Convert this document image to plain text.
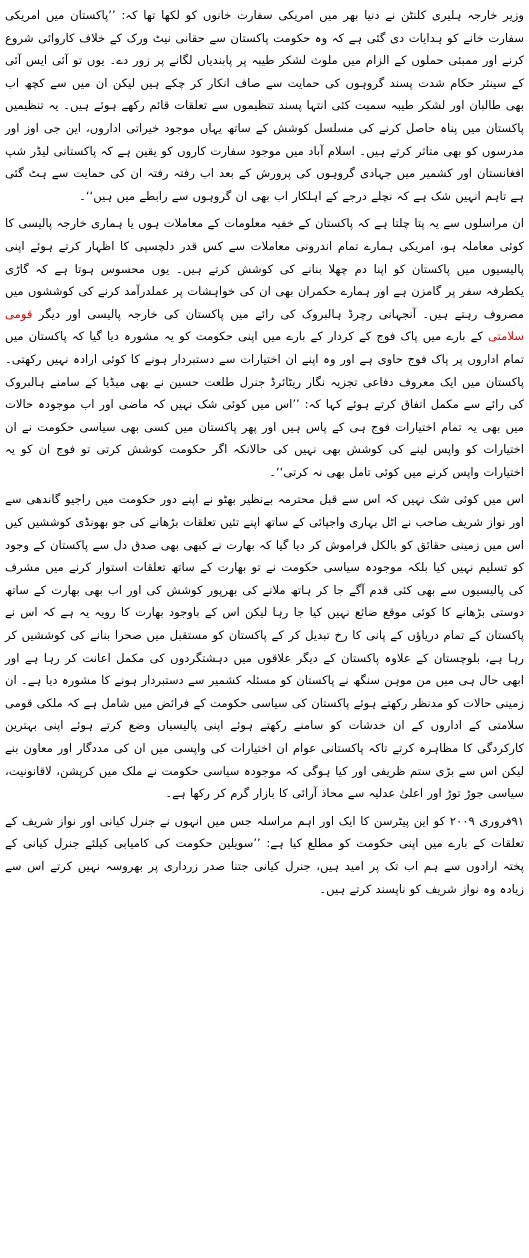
وزیر خارجہ ہلیری کلنٹن نے دنیا بھر میں امریکی سفارت خانوں کو لکھا تھا کہ: ’’پاکستان میں امریکی سفارت خانے کو ہدایات دی گئی ہے کہ وہ حکومت پاکستان سے حقانی نیٹ ورک کے خلاف کاروائی شروع کرنے اور ممبئی حملوں کے الزام میں ملوث لشکر طیبہ پر پابندیاں لگانے پر زور دے۔ یوں تو آئی ایس آئی کے سینئر حکام شدت پسند گروہوں کی حمایت سے صاف انکار کر چکے ہیں لیکن ان میں سے کچھ اب بھی طالبان اور لشکر طیبہ سمیت کئی انتہا پسند تنظیموں سے تعلقات قائم رکھے ہوئے ہیں۔ یہ تنظیمیں پاکستان میں پناہ حاصل کرنے کی مسلسل کوشش کے ساتھ یہاں موجود خیراتی اداروں، این جی اوز اور مدرسوں کو بھی متاثر کرتے ہیں۔ اسلام آباد میں موجود سفارت کاروں کو یقین ہے کہ پاکستانی لیڈر شپ افغانستان اور کشمیر میں جہادی گروہوں کی پرورش کے بعد اب رفتہ رفتہ ان کی حمایت سے ہٹ گئی ہے تاہم انہیں شک ہے کہ نچلے درجے کے اہلکار اب بھی ان گروہوں سے رابطے میں ہیں‘‘۔

ان مراسلوں سے یہ پتا چلتا ہے کہ پاکستان کے خفیہ معلومات کے معاملات ہوں یا ہماری خارجہ پالیسی کا کوئی معاملہ ہو، امریکی ہمارے تمام اندرونی معاملات سے کس قدر دلچسپی کا اظہار کرتے ہوئے اپنی پالیسیوں میں پاکستان کو اپنا دم چھلا بنانے کی کوشش کرتے ہیں۔ یوں محسوس ہوتا ہے کہ گاڑی یکطرفہ سفر پر گامزن ہے اور ہمارے حکمران بھی ان کی خواہشات پر عملدرآمد کرنے کی کوششوں میں مصروف رہتے ہیں۔ آنجہانی رچرڈ ہالبروک کی رائے میں پاکستان کی خارجہ پالیسی اور دیگر قومی سلامتی کے بارے میں پاک فوج کے کردار کے بارے میں اپنی حکومت کو یہ مشورہ دیا گیا کہ پاکستان میں تمام اداروں پر پاک فوج حاوی ہے اور وہ اپنے ان اختیارات سے دستبردار ہونے کا کوئی ارادہ نہیں رکھتی۔ پاکستان میں ایک معروف دفاعی تجزیہ نگار ریٹائرڈ جنرل طلعت حسین نے بھی میڈیا کے سامنے ہالبروک کی رائے سے مکمل اتفاق کرتے ہوئے کہا کہ: ’’اس میں کوئی شک نہیں کہ ماضی اور اب موجودہ حالات میں بھی یہ تمام اختیارات فوج ہی کے پاس ہیں اور پھر پاکستان میں کسی بھی سیاسی حکومت نے ان اختیارات کو واپس لینے کی کوشش بھی نہیں کی حالانکہ اگر حکومت کوشش کرتی تو فوج ان کو یہ اختیارات واپس کرنے میں کوئی تامل بھی نہ کرتی‘‘۔

اس میں کوئی شک نہیں کہ اس سے قبل محترمہ بےنظیر بھٹو نے اپنے دور حکومت میں راجیو گاندھی سے اور نواز شریف صاحب نے اٹل بہاری واجپائی کے ساتھ اپنے تئیں تعلقات بڑھانے کی جو بھونڈی کوششیں کیں اس میں زمینی حقائق کو بالکل فراموش کر دیا گیا کہ بھارت نے کبھی بھی صدق دل سے پاکستان کے وجود کو تسلیم نہیں کیا بلکہ موجودہ سیاسی حکومت نے تو بھارت کے ساتھ تعلقات استوار کرنے میں مشرف کی پالیسیوں سے بھی کئی قدم آگے جا کر ہاتھ ملانے کی بھرپور کوشش کی اور اب بھی بھارت کے ساتھ دوستی بڑھانے کا کوئی موقع ضائع نہیں کیا جا رہا لیکن اس کے باوجود بھارت کا رویہ یہ ہے کہ اس نے پاکستان کے تمام دریاؤں کے پانی کا رخ تبدیل کر کے پاکستان کو مستقبل میں صحرا بنانے کی کوششیں کر رہا ہے، بلوچستان کے علاوہ پاکستان کے دیگر علاقوں میں دہشتگردوں کی مکمل اعانت کر رہا ہے اور ابھی حال ہی میں من موہن سنگھ نے پاکستان کو مسئلہ کشمیر سے دستبردار ہونے کا مشورہ دیا ہے۔ ان زمینی حالات کو مدنظر رکھتے ہوئے پاکستان کی سیاسی حکومت کے فرائض میں شامل ہے کہ ملکی قومی سلامتی کے اداروں کے ان خدشات کو سامنے رکھتے ہوئے اپنی پالیسیاں وضع کرتے ہوئے اپنی بہترین کارکردگی کا مظاہرہ کرتے تاکہ پاکستانی عوام ان اختیارات کی واپسی میں ان کی مددگار اور معاون بنے لیکن اس سے بڑی ستم ظریفی اور کیا ہوگی کہ موجودہ سیاسی حکومت نے ملک میں کرپشن، لاقانونیت، سیاسی جوڑ توڑ اور اعلیٰ عدلیہ سے محاذ آرائی کا بازار گرم کر رکھا ہے۔

۹۱فروری ۲۰۰۹ کو این پیٹرسن کا ایک اور اہم مراسلہ جس میں انہوں نے جنرل کیانی اور نواز شریف کے تعلقات کے بارے میں اپنی حکومت کو مطلع کیا ہے: ’’سویلین حکومت کی کامیابی کیلئے جنرل کیانی کے پختہ ارادوں سے ہم اب تک پر امید ہیں، جنرل کیانی جتنا صدر زرداری پر بھروسہ نہیں کرتے اس سے زیادہ وہ نواز شریف کو ناپسند کرتے ہیں۔
